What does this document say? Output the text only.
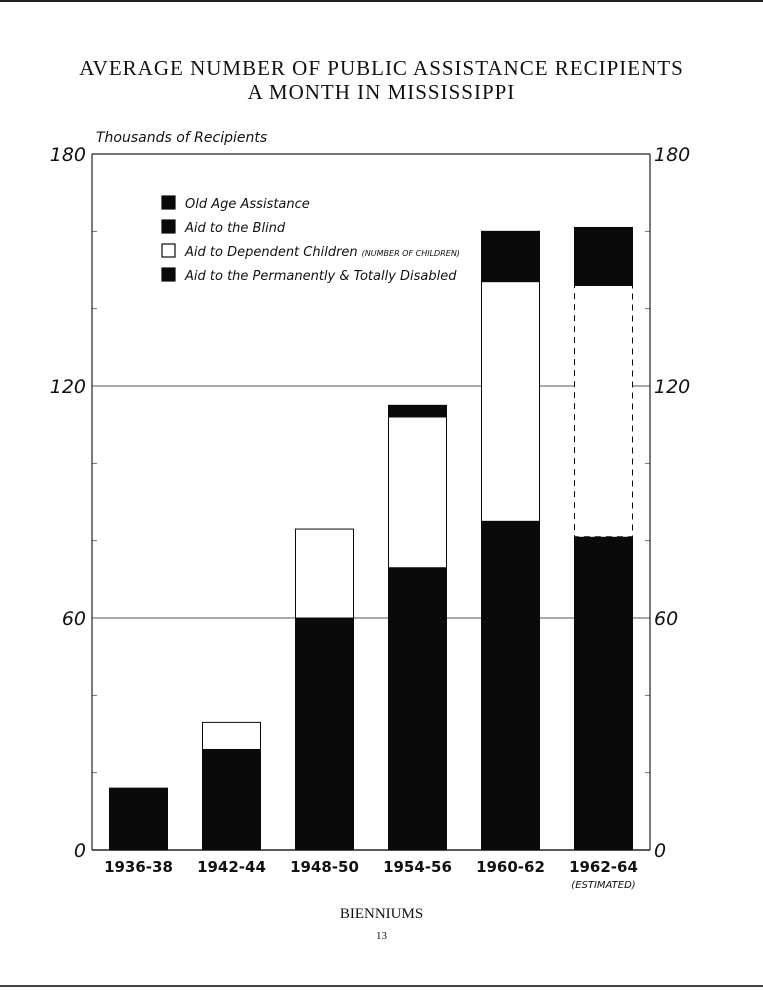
AVERAGE NUMBER OF PUBLIC ASSISTANCE RECIPIENTS
A MONTH IN MISSISSIPPI
0	0
60	60
120	120
180	180
1936-38 1942-44 1948-50 1954-56 1960-62 1962-64
(ESTIMATED)
Old Age Assistance
Aid to the Blind
Aid to Dependent Children (NUMBER OF CHILDREN)
Aid to the Permanently & Totally Disabled
Thousands of Recipients
BIENNIUMS
13
